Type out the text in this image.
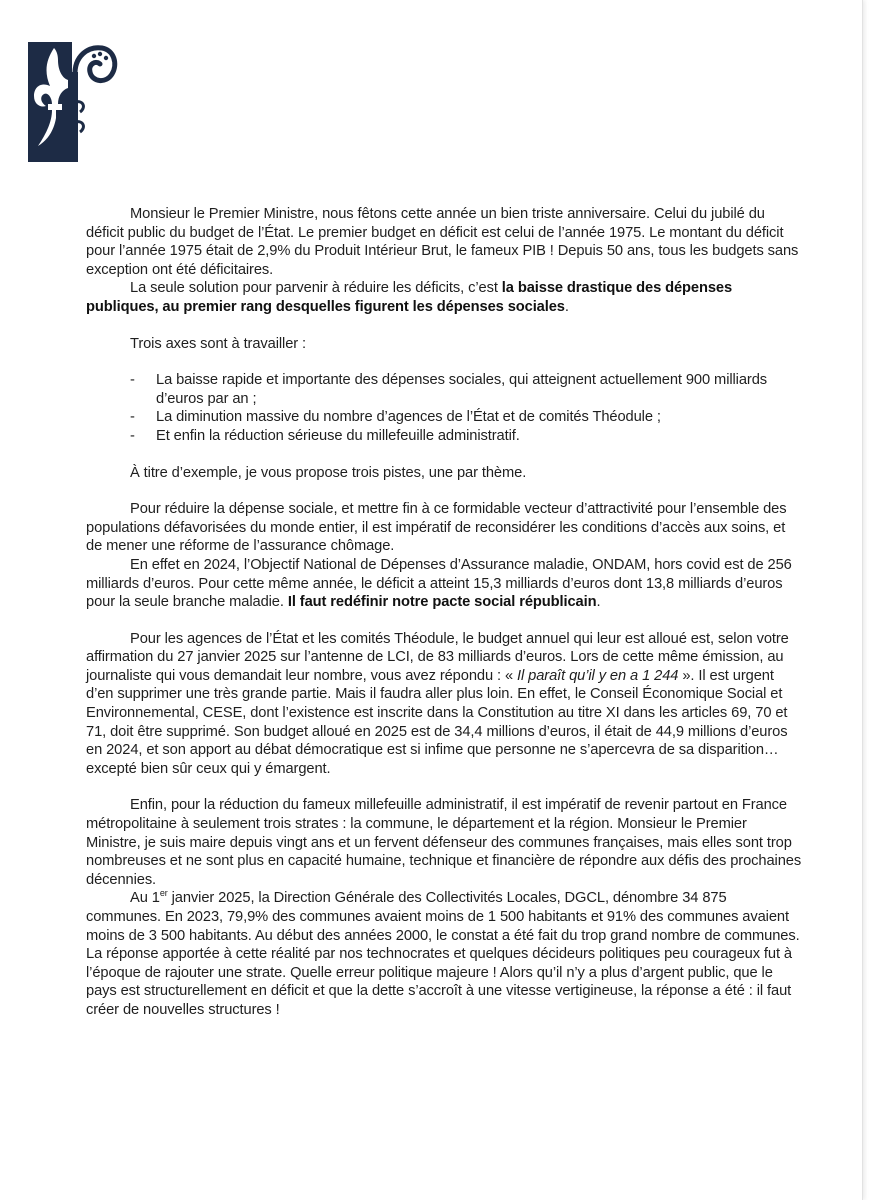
Monsieur le Premier Ministre, nous fêtons cette année un bien triste anniversaire. Celui du jubilé du déficit public du budget de l’État. Le premier budget en déficit est celui de l’année 1975. Le montant du déficit pour l’année 1975 était de 2,9% du Produit Intérieur Brut, le fameux PIB ! Depuis 50 ans, tous les budgets sans exception ont été déficitaires.

La seule solution pour parvenir à réduire les déficits, c’est la baisse drastique des dépenses publiques, au premier rang desquelles figurent les dépenses sociales.

Trois axes sont à travailler :

- La baisse rapide et importante des dépenses sociales, qui atteignent actuellement 900 milliards d’euros par an ;
- La diminution massive du nombre d’agences de l’État et de comités Théodule ;
- Et enfin la réduction sérieuse du millefeuille administratif.

À titre d’exemple, je vous propose trois pistes, une par thème.

Pour réduire la dépense sociale, et mettre fin à ce formidable vecteur d’attractivité pour l’ensemble des populations défavorisées du monde entier, il est impératif de reconsidérer les conditions d’accès aux soins, et de mener une réforme de l’assurance chômage.

En effet en 2024, l’Objectif National de Dépenses d’Assurance maladie, ONDAM, hors covid est de 256 milliards d’euros. Pour cette même année, le déficit a atteint 15,3 milliards d’euros dont 13,8 milliards d’euros pour la seule branche maladie. Il faut redéfinir notre pacte social républicain.

Pour les agences de l’État et les comités Théodule, le budget annuel qui leur est alloué est, selon votre affirmation du 27 janvier 2025 sur l’antenne de LCI, de 83 milliards d’euros. Lors de cette même émission, au journaliste qui vous demandait leur nombre, vous avez répondu : « Il paraît qu’il y en a 1 244 ». Il est urgent d’en supprimer une très grande partie. Mais il faudra aller plus loin. En effet, le Conseil Économique Social et Environnemental, CESE, dont l’existence est inscrite dans la Constitution au titre XI dans les articles 69, 70 et 71, doit être supprimé. Son budget alloué en 2025 est de 34,4 millions d’euros, il était de 44,9 millions d’euros en 2024, et son apport au débat démocratique est si infime que personne ne s’apercevra de sa disparition… excepté bien sûr ceux qui y émargent.

Enfin, pour la réduction du fameux millefeuille administratif, il est impératif de revenir partout en France métropolitaine à seulement trois strates : la commune, le département et la région. Monsieur le Premier Ministre, je suis maire depuis vingt ans et un fervent défenseur des communes françaises, mais elles sont trop nombreuses et ne sont plus en capacité humaine, technique et financière de répondre aux défis des prochaines décennies.

Au 1er janvier 2025, la Direction Générale des Collectivités Locales, DGCL, dénombre 34 875 communes. En 2023, 79,9% des communes avaient moins de 1 500 habitants et 91% des communes avaient moins de 3 500 habitants. Au début des années 2000, le constat a été fait du trop grand nombre de communes. La réponse apportée à cette réalité par nos technocrates et quelques décideurs politiques peu courageux fut à l’époque de rajouter une strate. Quelle erreur politique majeure ! Alors qu’il n’y a plus d’argent public, que le pays est structurellement en déficit et que la dette s’accroît à une vitesse vertigineuse, la réponse a été : il faut créer de nouvelles structures !
